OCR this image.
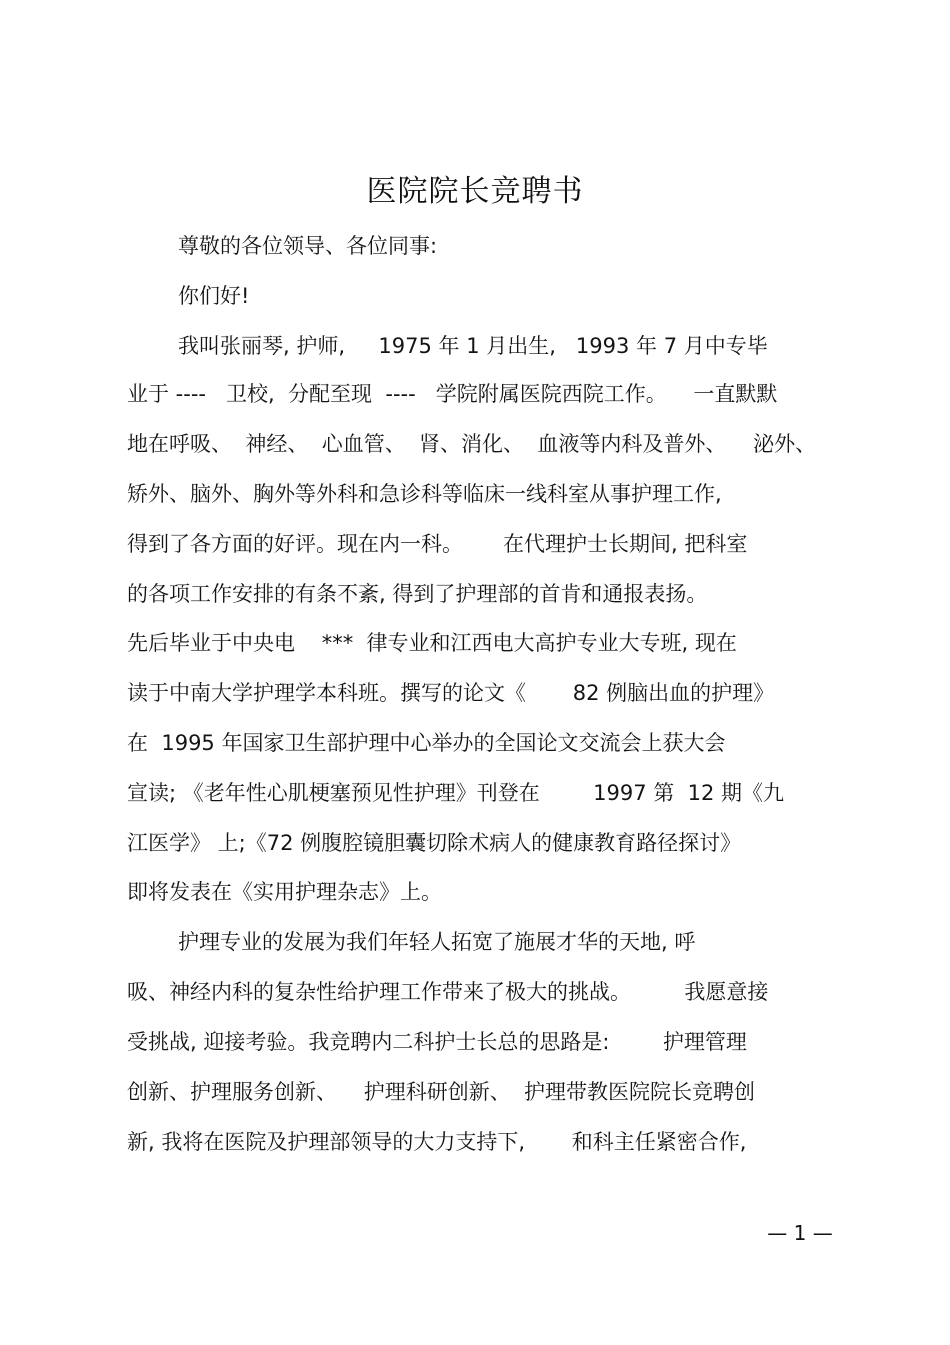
医院院长竞聘书
尊敬的各位领导、各位同事:
你们好!
我叫张丽琴, 护师,     1975 年 1 月出生,   1993 年 7 月中专毕
业于 ----   卫校,  分配至现  ----   学院附属医院西院工作。    一直默默
地在呼吸、  神经、  心血管、  肾、消化、  血液等内科及普外、    泌外、
矫外、脑外、胸外等外科和急诊科等临床一线科室从事护理工作,
得到了各方面的好评。现在内一科。      在代理护士长期间, 把科室
的各项工作安排的有条不紊, 得到了护理部的首肯和通报表扬。
先后毕业于中央电    ***  律专业和江西电大高护专业大专班, 现在
读于中南大学护理学本科班。撰写的论文《       82 例脑出血的护理》
在  1995 年国家卫生部护理中心举办的全国论文交流会上获大会
宣读; 《老年性心肌梗塞预见性护理》刊登在        1997 第  12 期《九
江医学》 上;《72 例腹腔镜胆囊切除术病人的健康教育路径探讨》
即将发表在《实用护理杂志》上。
护理专业的发展为我们年轻人拓宽了施展才华的天地, 呼
吸、神经内科的复杂性给护理工作带来了极大的挑战。        我愿意接
受挑战, 迎接考验。我竞聘内二科护士长总的思路是:        护理管理
创新、护理服务创新、    护理科研创新、  护理带教医院院长竞聘创
新, 我将在医院及护理部领导的大力支持下,       和科主任紧密合作,
— 1 —
